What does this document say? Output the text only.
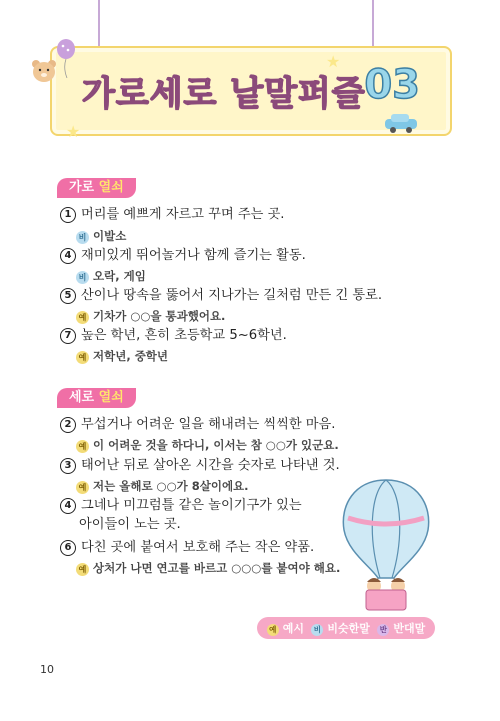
가로세로 낱말퍼즐
03
★
★
가로 열쇠
1 머리를 예쁘게 자르고 꾸며 주는 곳.
비 이발소
4 재미있게 뛰어놀거나 함께 즐기는 활동.
비 오락, 게임
5 산이나 땅속을 뚫어서 지나가는 길처럼 만든 긴 통로.
예 기차가 ○○을 통과했어요.
7 높은 학년, 흔히 초등학교 5~6학년.
예 저학년, 중학년
세로 열쇠
2 무섭거나 어려운 일을 해내려는 씩씩한 마음.
예 이 어려운 것을 하다니, 이서는 참 ○○가 있군요.
3 태어난 뒤로 살아온 시간을 숫자로 나타낸 것.
예 저는 올해로 ○○가 8살이에요.
4 그네나 미끄럼틀 같은 놀이기구가 있는
아이들이 노는 곳.
6 다친 곳에 붙여서 보호해 주는 작은 약품.
예 상처가 나면 연고를 바르고 ○○○를 붙여야 해요.
예 예시	비 비슷한말	반 반대말
10
